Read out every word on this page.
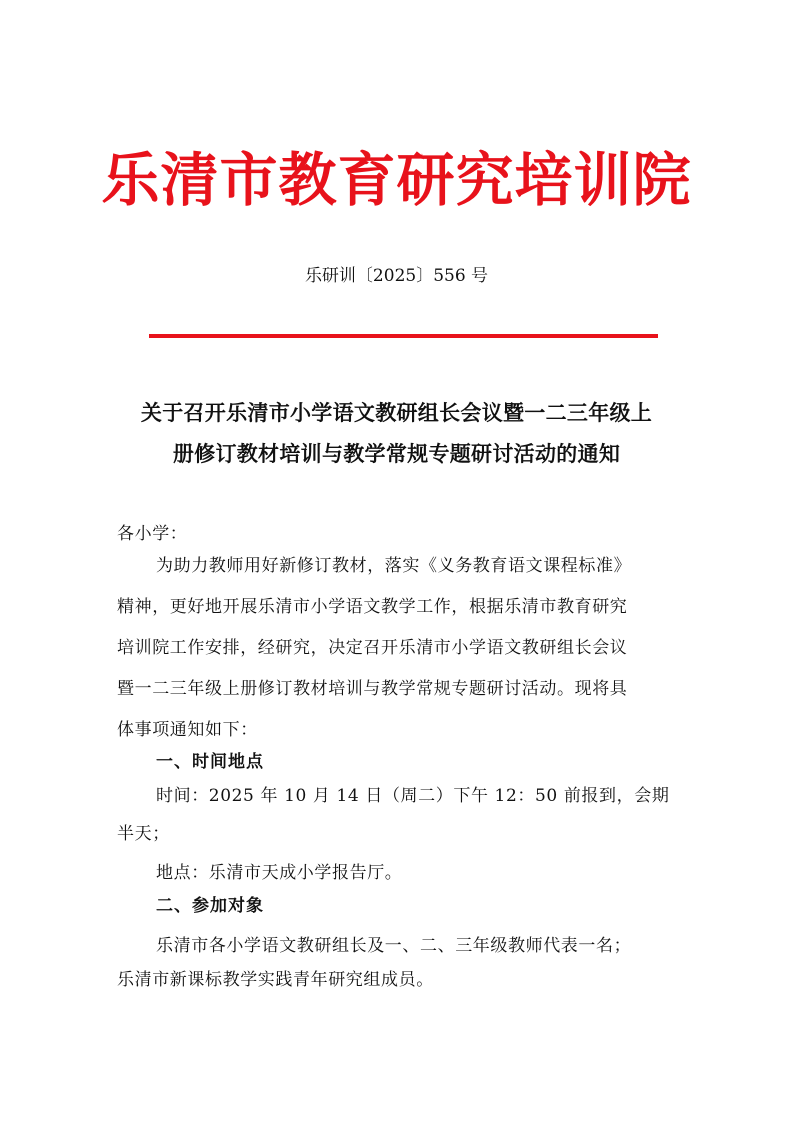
乐清市教育研究培训院
乐研训〔2025〕556 号
关于召开乐清市小学语文教研组长会议暨一二三年级上
册修订教材培训与教学常规专题研讨活动的通知
各小学：
为助力教师用好新修订教材，落实《义务教育语文课程标准》
精神，更好地开展乐清市小学语文教学工作，根据乐清市教育研究
培训院工作安排，经研究，决定召开乐清市小学语文教研组长会议
暨一二三年级上册修订教材培训与教学常规专题研讨活动。现将具
体事项通知如下：
一、时间地点
时间：2025 年 10 月 14 日（周二）下午 12：50 前报到，会期
半天；
地点：乐清市天成小学报告厅。
二、参加对象
乐清市各小学语文教研组长及一、二、三年级教师代表一名；
乐清市新课标教学实践青年研究组成员。
